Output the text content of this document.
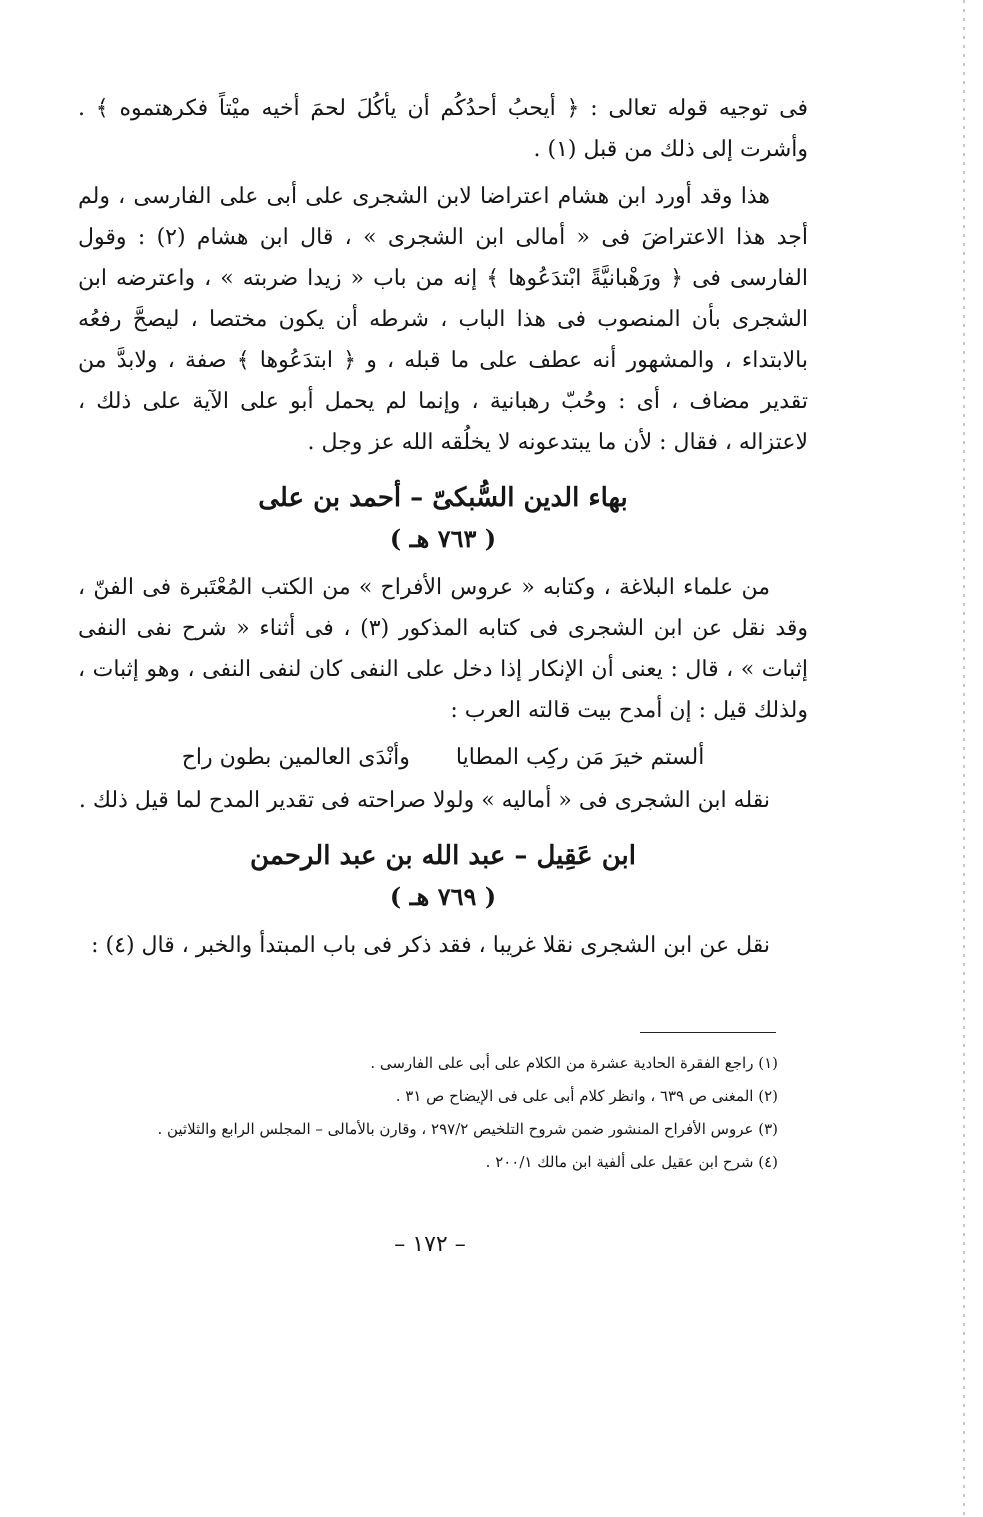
فى توجيه قوله تعالى : ﴿ أيحبُ أحدُكُم أن يأكُلَ لحمَ أخيه ميْتاً فكرهتموه ﴾ . وأشرت إلى ذلك من قبل (١) .

هذا وقد أورد ابن هشام اعتراضا لابن الشجرى على أبى على الفارسى ، ولم أجد هذا الاعتراضَ فى « أمالى ابن الشجرى » ، قال ابن هشام (٢) : وقول الفارسى فى ﴿ ورَهْبانيَّةً ابْتدَعُوها ﴾ إنه من باب « زيدا ضربته » ، واعترضه ابن الشجرى بأن المنصوب فى هذا الباب ، شرطه أن يكون مختصا ، ليصحَّ رفعُه بالابتداء ، والمشهور أنه عطف على ما قبله ، و ﴿ ابتدَعُوها ﴾ صفة ، ولابدَّ من تقدير مضاف ، أى : وحُبّ رهبانية ، وإنما لم يحمل أبو على الآية على ذلك ، لاعتزاله ، فقال : لأن ما يبتدعونه لا يخلُقه الله عز وجل .

بهاء الدين السُّبكىّ – أحمد بن على
( ٧٦٣ هـ )

من علماء البلاغة ، وكتابه « عروس الأفراح » من الكتب المُعْتَبرة فى الفنّ ، وقد نقل عن ابن الشجرى فى كتابه المذكور (٣) ، فى أثناء « شرح نفى النفى إثبات » ، قال : يعنى أن الإنكار إذا دخل على النفى كان لنفى النفى ، وهو إثبات ، ولذلك قيل : إن أمدح بيت قالته العرب :

ألستم خيرَ مَن ركِب المطايا
وأنْدَى العالمين بطون راح

نقله ابن الشجرى فى « أماليه » ولولا صراحته فى تقدير المدح لما قيل ذلك .

ابن عَقِيل – عبد الله بن عبد الرحمن
( ٧٦٩ هـ )

نقل عن ابن الشجرى نقلا غريبا ، فقد ذكر فى باب المبتدأ والخبر ، قال (٤) :

(١) راجع الفقرة الحادية عشرة من الكلام على أبى على الفارسى .

(٢) المغنى ص ٦٣٩ ، وانظر كلام أبى على فى الإيضاح ص ٣١ .

(٣) عروس الأفراح المنشور ضمن شروح التلخيص ٢٩٧/٢ ، وقارن بالأمالى – المجلس الرابع والثلاثين .

(٤) شرح ابن عقيل على ألفية ابن مالك ٢٠٠/١ .

– ١٧٢ –
